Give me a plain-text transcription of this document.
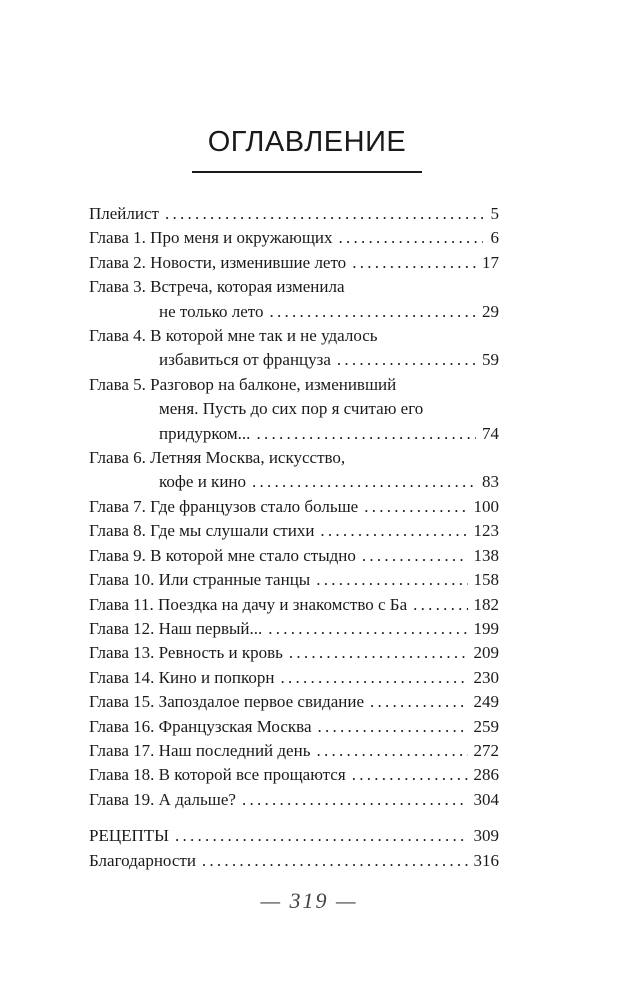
ОГЛАВЛЕНИЕ
Плейлист . . .	5
Глава 1. Про меня и окружающих . . .	6
Глава 2. Новости, изменившие лето . . .	17
Глава 3. Встреча, которая изменила
не только лето . . .	29
Глава 4. В которой мне так и не удалось
избавиться от француза . . .	59
Глава 5. Разговор на балконе, изменивший
меня. Пусть до сих пор я считаю его
придурком... . . .	74
Глава 6. Летняя Москва, искусство,
кофе и кино . . .	83
Глава 7. Где французов стало больше . . .	100
Глава 8. Где мы слушали стихи . . .	123
Глава 9. В которой мне стало стыдно . . .	138
Глава 10. Или странные танцы . . .	158
Глава 11. Поездка на дачу и знакомство с Ба . . .	182
Глава 12. Наш первый... . . .	199
Глава 13. Ревность и кровь . . .	209
Глава 14. Кино и попкорн . . .	230
Глава 15. Запоздалое первое свидание . . .	249
Глава 16. Французская Москва . . .	259
Глава 17. Наш последний день . . .	272
Глава 18. В которой все прощаются . . .	286
Глава 19. А дальше? . . .	304
РЕЦЕПТЫ . . .	309
Благодарности . . .	316
— 319 —
